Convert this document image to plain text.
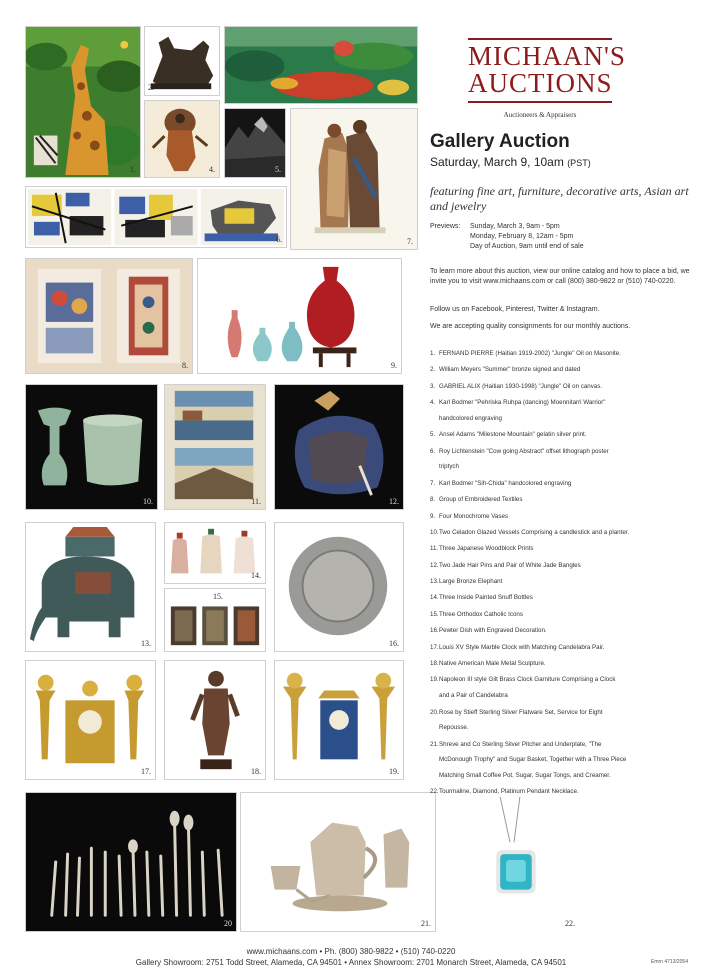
1.
2.
4.	5.
7.
6.
8.	9.
10.	11.	12.
13.
14.
15.
16.
17.	18.	19.
20	21.	22.
MICHAAN'S
AUCTIONS
Auctioneers & Appraisers
Gallery Auction
Saturday, March 9, 10am (PST)
featuring fine art, furniture, decorative arts, Asian art and jewelry
Previews: Sunday, March 3, 9am - 5pm
Monday, February 8, 12am - 5pm
Day of Auction, 9am until end of sale
To learn more about this auction, view our online catalog and how to place a bid, we invite you to visit www.michaans.com or call (800) 380-9822 or (510) 740-0220.
Follow us on Facebook, Pinterest, Twitter & Instagram.
We are accepting quality consignments for our monthly auctions.
1. FERNAND PIERRE (Haitian 1919-2002) "Jungle" Oil on Masonite.
2. William Meyers "Summer" bronze signed and dated
3. GABRIEL ALIX (Haitian 1930-1998) "Jungle" Oil on canvas.
4. Karl Bodmer "Pehriska Ruhpa (dancing) Moennitarri Warrior"
handcolored engraving
5. Ansel Adams "Milestone Mountain" gelatin silver print.
6. Roy Lichtenstein "Cow going Abstract" offset lithograph poster
triptych
7. Karl Bodmer "Sih-Chida" handcolored engraving
8. Group of Embroidered Textiles
9. Four Monochrome Vases
10.Two Celadon Glazed Vessels Comprising a candlestick and a planter.
11.Three Japanese Woodblock Prints
12.Two Jade Hair Pins and Pair of White Jade Bangles
13.Large Bronze Elephant
14.Three Inside Painted Snuff Bottles
15.Three Orthodox Catholic Icons
16.Pewter Dish with Engraved Decoration.
17.Louis XV Style Marble Clock with Matching Candelabra Pair.
18.Native American Male Metal Sculpture.
19.Napoleon III style Gilt Brass Clock Garniture Comprising a Clock
and a Pair of Candelabra
20.Rose by Stieff Sterling Silver Flatware Set, Service for Eight
Repousse.
21.Shreve and Co Sterling Silver Pitcher and Underplate, "The
McDonough Trophy" and Sugar Basket, Together with a Three Piece
Matching Small Coffee Pot, Sugar, Sugar Tongs, and Creamer.
22.Tourmaline, Diamond, Platinum Pendant Necklace.
www.michaans.com • Ph. (800) 380-9822 • (510) 740-0220
Gallery Showroom: 2751 Todd Street, Alameda, CA 94501 • Annex Showroom: 2701 Monarch Street, Alameda, CA 94501	Emrn 4713/2054
